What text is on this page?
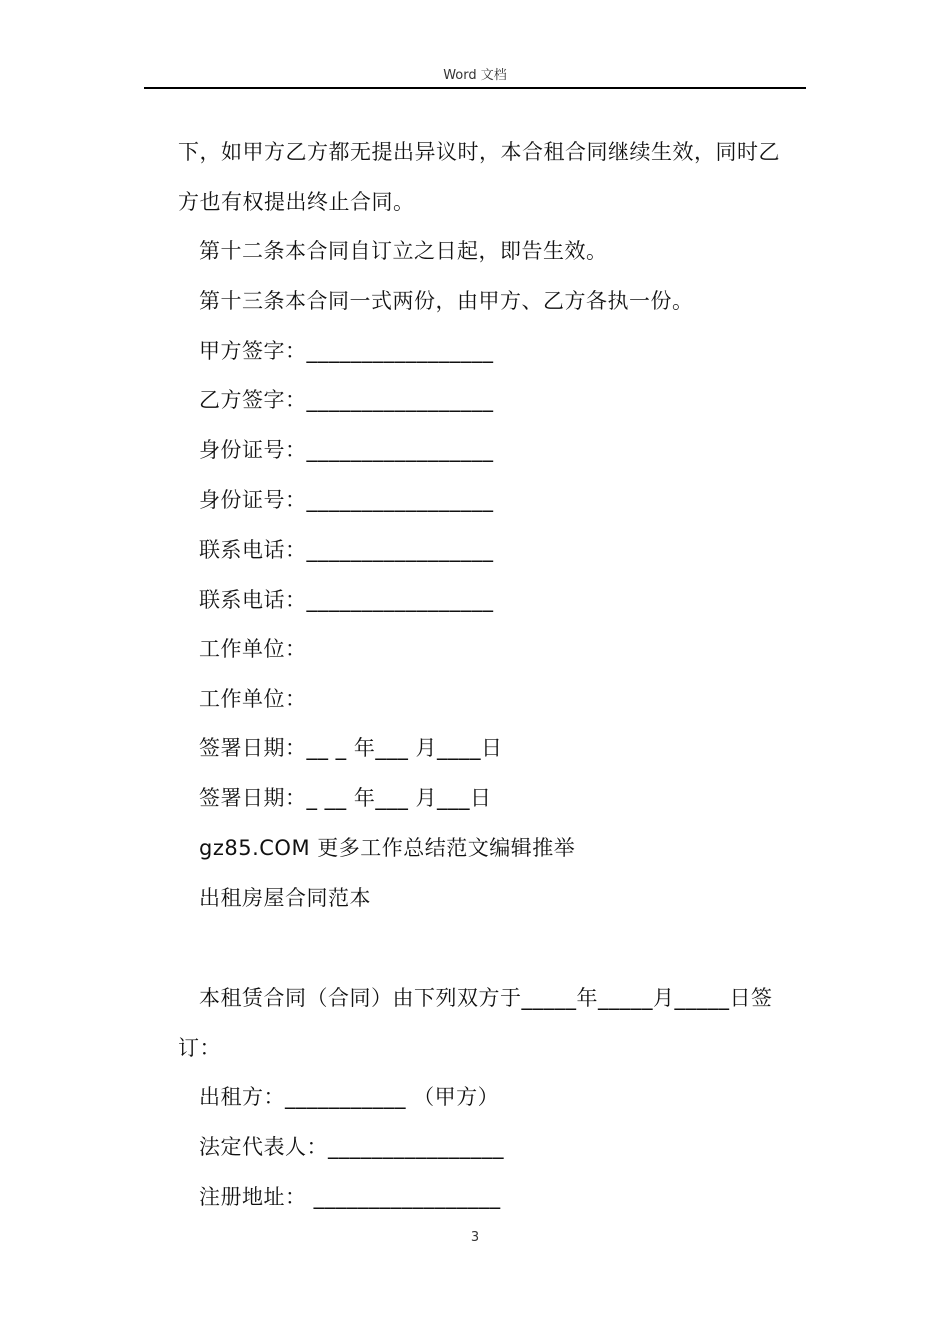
Word 文档
下，如甲方乙方都无提出异议时，本合租合同继续生效，同时乙
方也有权提出终止合同。
第十二条本合同自订立之日起，即告生效。
第十三条本合同一式两份，由甲方、乙方各执一份。
甲方签字：_________________
乙方签字：_________________
身份证号：_________________
身份证号：_________________
联系电话：_________________
联系电话：_________________
工作单位：
工作单位：
签署日期：__ _ 年___ 月____日
签署日期：_ __ 年___ 月___日
gz85.COM 更多工作总结范文编辑推举
出租房屋合同范本
本租赁合同（合同）由下列双方于_____年_____月_____日签
订：
出租方：___________ （甲方）
法定代表人：________________
注册地址： _________________
3
